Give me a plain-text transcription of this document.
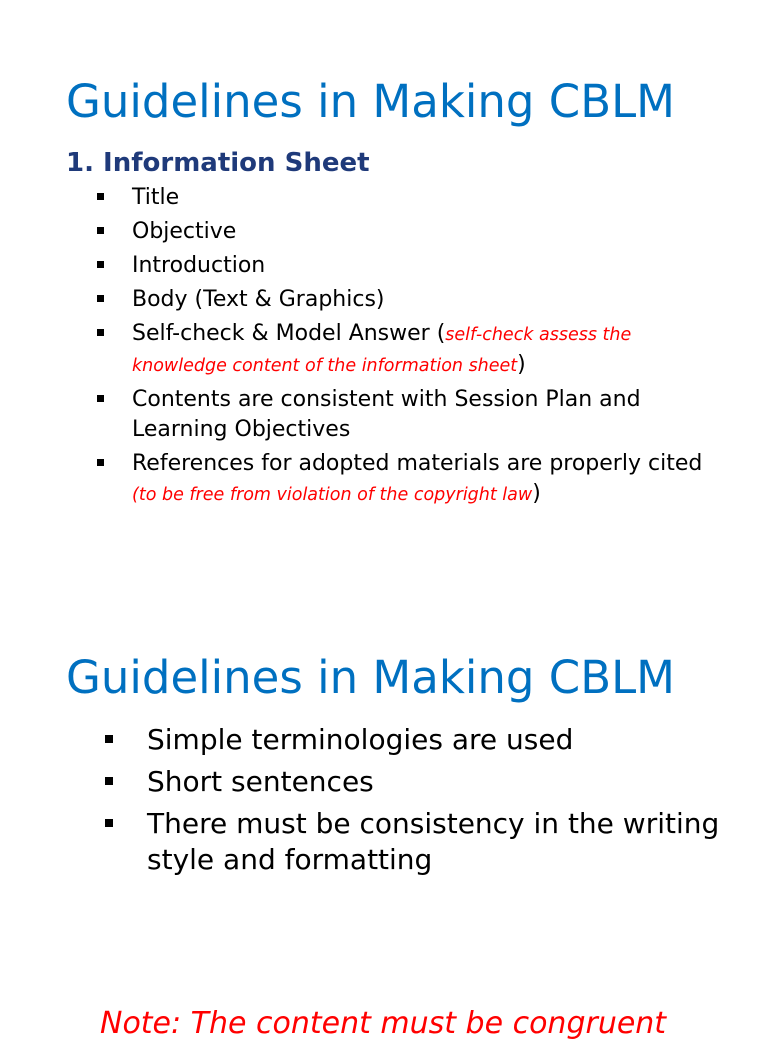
Guidelines in Making CBLM
1. Information Sheet
Title
Objective
Introduction
Body (Text & Graphics)
Self-check & Model Answer (self-check assess the knowledge content of the information sheet)
Contents are consistent with Session Plan and Learning Objectives
References for adopted materials are properly cited (to be free from violation of the copyright law)
Guidelines in Making CBLM
Simple terminologies are used
Short sentences
There must be consistency in the writing style and formatting

Note: The content must be congruent
